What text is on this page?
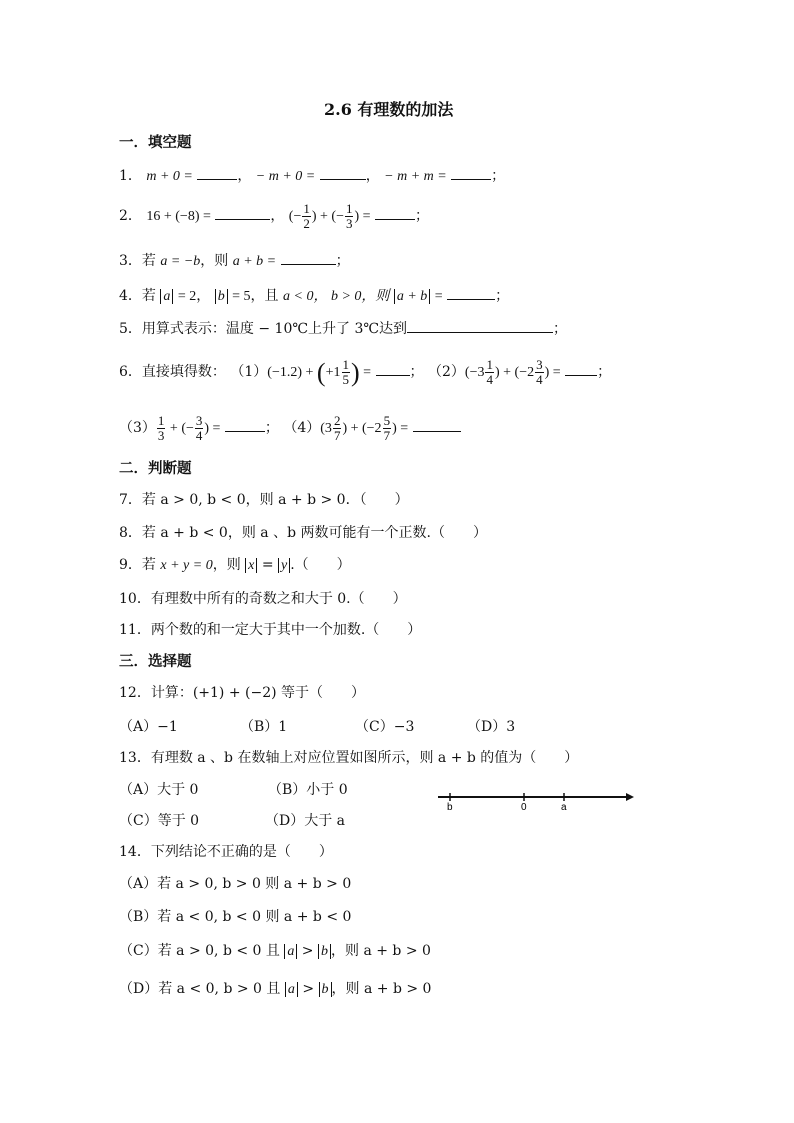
2.6 有理数的加法
一．填空题
1． m + 0 =	， − m + 0 =	， − m + m =	；
2． 16 + (−8) =	， (− $\frac{1}{2}$ ) + (− $\frac{1}{3}$ ) =	；
3．若 a = −b，则 a + b =	；
4．若 a = 2， b = 5，且 a < 0， b > 0，则 a + b =	；
5．用算式表示：温度 − 10℃上升了 3℃达到	；
6．直接填得数： $(1)(-1.2) + (+1 \frac{1}{5}$ ) =	； $(2)(-3 \frac{1}{4}$ ) + ($-2 \frac{3}{4}$ ) =	；
$(3) \frac{1}{3}$ + (− $\frac{3}{4}$ ) =	； $(4)(3 \frac{2}{7}$ ) + ($-2 \frac{5}{7}$ ) =
二．判断题
7．若 a > 0, b < 0，则 a + b > 0．（　　）
8．若 a + b < 0，则 a 、b 两数可能有一个正数.（　　）
9．若 x + y = 0，则 x = y .（　　）
10．有理数中所有的奇数之和大于 0.（　　）
11．两个数的和一定大于其中一个加数.（　　）
三．选择题
12．计算：(+1) + (−2) 等于（　　）
（A）−1	（B）1	（C）−3	（D）3
13．有理数 a 、b 在数轴上对应位置如图所示，则 a + b 的值为（　　）
（A）大于 0	（B）小于 0
（C）等于 0	（D）大于 a
b	0	a
14．下列结论不正确的是（　　）
（A）若 a > 0, b > 0 则 a + b > 0
（B）若 a < 0, b < 0 则 a + b < 0
（C）若 a > 0, b < 0 且 a > b ，则 a + b > 0
（D）若 a < 0, b > 0 且 a > b ，则 a + b > 0
